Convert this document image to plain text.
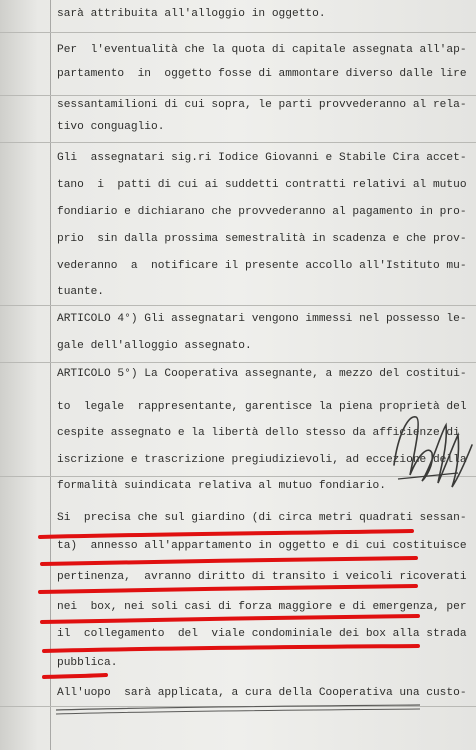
sarà attribuita all'alloggio in oggetto.
Per  l'eventualità che la quota di capitale assegnata all'ap-
partamento  in  oggetto fosse di ammontare diverso dalle lire
sessantamilioni di cui sopra, le parti provvederanno al rela-
tivo conguaglio.
Gli  assegnatari sig.ri Iodice Giovanni e Stabile Cira accet-
tano  i  patti di cui ai suddetti contratti relativi al mutuo
fondiario e dichiarano che provvederanno al pagamento in pro-
prio  sin dalla prossima semestralità in scadenza e che prov-
vederanno  a  notificare il presente accollo all'Istituto mu-
tuante.
ARTICOLO 4°) Gli assegnatari vengono immessi nel possesso le-
gale dell'alloggio assegnato.
ARTICOLO 5°) La Cooperativa assegnante, a mezzo del costitui-
to  legale  rappresentante, garentisce la piena proprietà del
cespite assegnato e la libertà dello stesso da afficienze di
iscrizione e trascrizione pregiudizievoli, ad eccezione della
formalità suindicata relativa al mutuo fondiario.
Si  precisa che sul giardino (di circa metri quadrati sessan-
ta)  annesso all'appartamento in oggetto e di cui costituisce
pertinenza,  avranno diritto di transito i veicoli ricoverati
nei  box, nei soli casi di forza maggiore e di emergenza, per
il  collegamento  del  viale condominiale dei box alla strada
pubblica.
All'uopo  sarà applicata, a cura della Cooperativa una custo-
